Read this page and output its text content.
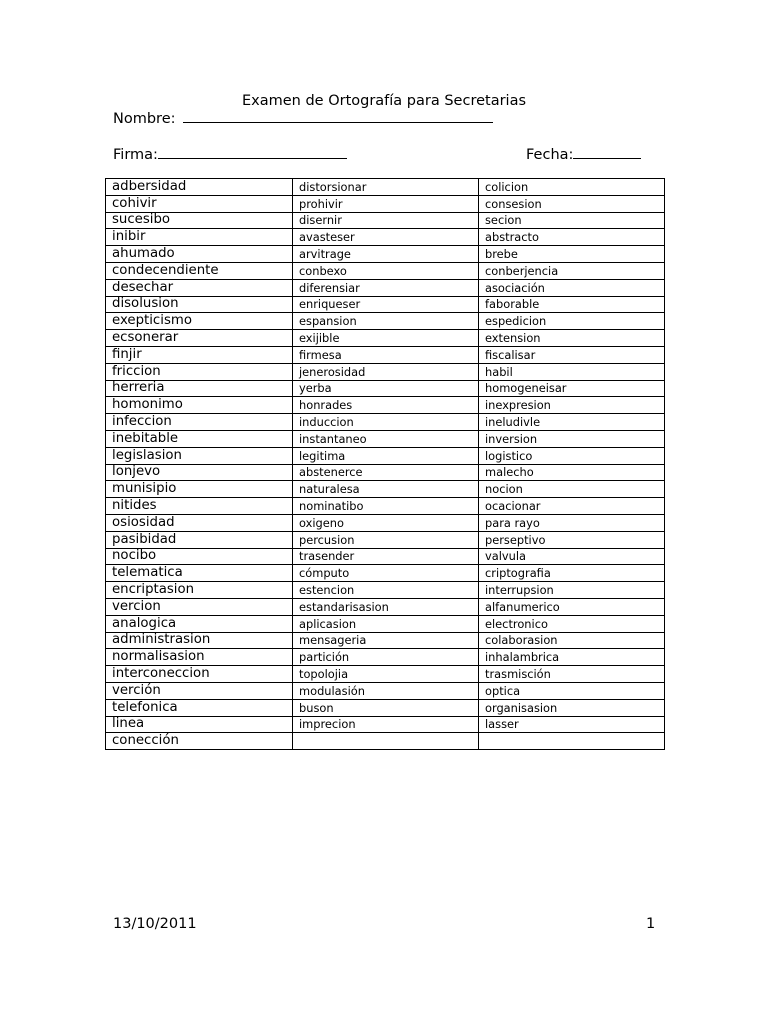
Examen de Ortografía para Secretarias
Nombre:
Firma:	Fecha:
adbersidad	distorsionar	colicion
cohivir	prohivir	consesion
sucesibo	disernir	secion
inibir	avasteser	abstracto
ahumado	arvitrage	brebe
condecendiente	conbexo	conberjencia
desechar	diferensiar	asociación
disolusion	enriqueser	faborable
exepticismo	espansion	espedicion
ecsonerar	exijible	extension
finjir	firmesa	fiscalisar
friccion	jenerosidad	habil
herreria	yerba	homogeneisar
homonimo	honrades	inexpresion
infeccion	induccion	ineludivle
inebitable	instantaneo	inversion
legislasion	legitima	logistico
lonjevo	abstenerce	malecho
munisipio	naturalesa	nocion
nitides	nominatibo	ocacionar
osiosidad	oxigeno	para rayo
pasibidad	percusion	perseptivo
nocibo	trasender	valvula
telematica	cómputo	criptografia
encriptasion	estencion	interrupsion
vercion	estandarisasion	alfanumerico
analogica	aplicasion	electronico
administrasion	mensageria	colaborasion
normalisasion	partición	inhalambrica
interconeccion	topolojia	trasmisción
verción	modulasión	optica
telefonica	buson	organisasion
linea	imprecion	lasser
conección		
13/10/2011	1
